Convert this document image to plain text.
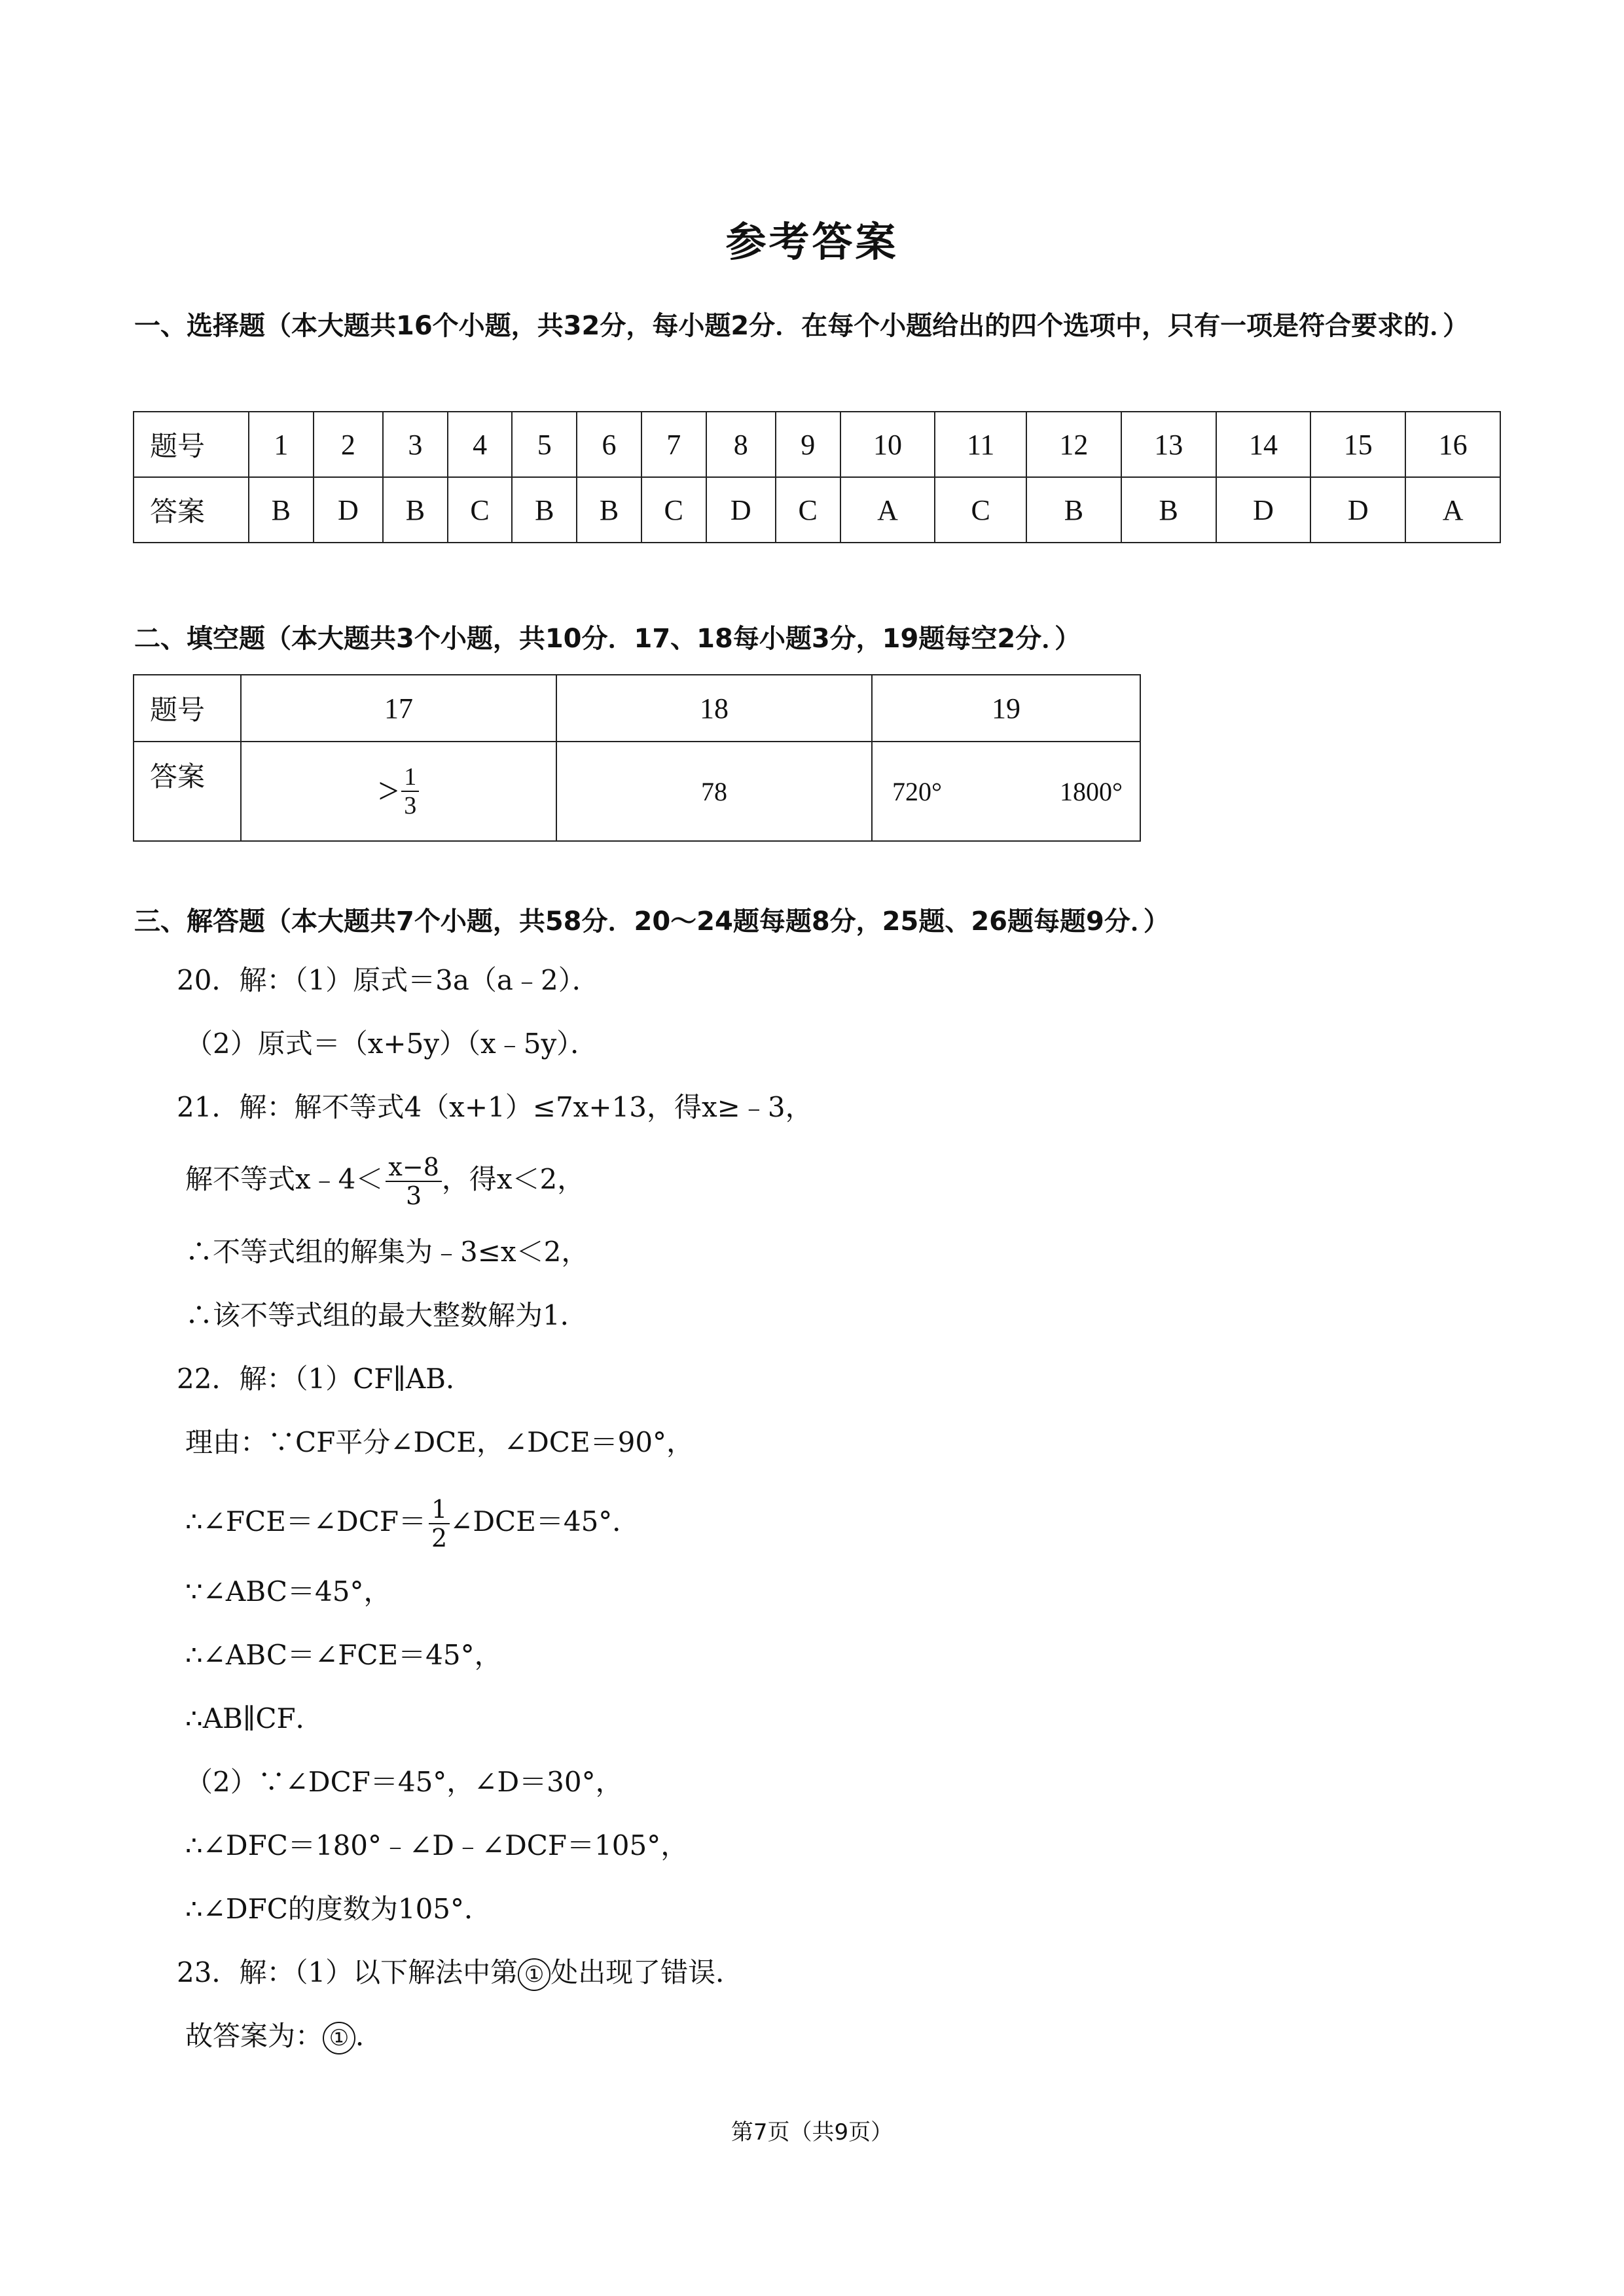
参考答案
一、选择题（本大题共16个小题，共32分，每小题2分．在每个小题给出的四个选项中，只有一项是符合要求的．）
题号	1	2	3	4	5	6	7	8	9	10	11	12	13	14	15	16
答案	B	D	B	C	B	B	C	D	C	A	C	B	B	D	D	A
二、填空题（本大题共3个小题，共10分．17、18每小题3分，19题每空2分．）
题号	17	18	19
答案	> $\frac{1}{3}$	78	720° 1800°
三、解答题（本大题共7个小题，共58分．20～24题每题8分，25题、26题每题9分．）
20．解：（1）原式＝3a（a﹣2）．
（2）原式＝（x+5y）（x﹣5y）．
21．解：解不等式4（x+1）≤7x+13，得x≥﹣3，
解不等式x﹣4＜ $\frac{x-8}{3}$ ，得x＜2，
∴不等式组的解集为﹣3≤x＜2，
∴该不等式组的最大整数解为1．
22．解：（1）CF∥AB．
理由：∵CF平分∠DCE，∠DCE＝90°，
∴∠FCE＝∠DCF＝ $\frac{1}{2}$ ∠DCE＝45°．
∵∠ABC＝45°，
∴∠ABC＝∠FCE＝45°，
∴AB∥CF．
（2）∵∠DCF＝45°，∠D＝30°，
∴∠DFC＝180°﹣∠D﹣∠DCF＝105°，
∴∠DFC的度数为105°．
23．解：（1）以下解法中第 ① 处出现了错误．
故答案为： ① ．
第7页（共9页）
